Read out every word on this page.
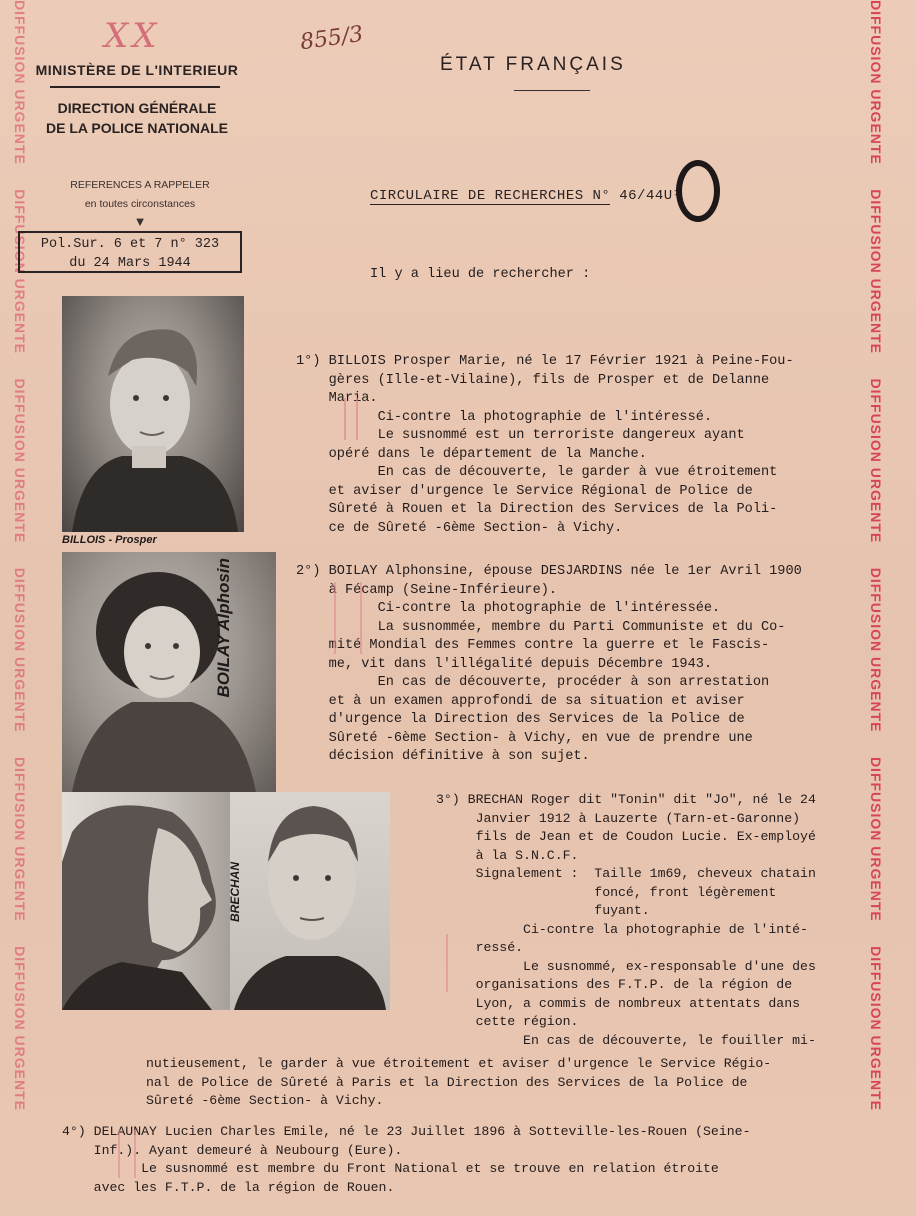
DIFFUSION URGENTE     DIFFUSION URGENTE     DIFFUSION URGENTE     DIFFUSION URGENTE     DIFFUSION URGENTE     DIFFUSION URGENTE
DIFFUSION URGENTE     DIFFUSION URGENTE     DIFFUSION URGENTE     DIFFUSION URGENTE     DIFFUSION URGENTE     DIFFUSION URGENTE
XX	855/3
MINISTÈRE DE L'INTERIEUR
DIRECTION GÉNÉRALE
DE LA POLICE NATIONALE
REFERENCES A RAPPELER
en toutes circonstances
▼
Pol.Sur. 6 et 7 n° 323
du 24 Mars 1944
ÉTAT FRANÇAIS
CIRCULAIRE DE RECHERCHES N° 46/44U¹
Il y a lieu de rechercher :

1°) BILLOIS Prosper Marie, né le 17 Février 1921 à Peine-Fou-
gères (Ille-et-Vilaine), fils de Prosper et de Delanne
Maria.
Ci-contre la photographie de l'intéressé.
Le susnommé est un terroriste dangereux ayant
opéré dans le département de la Manche.
En cas de découverte, le garder à vue étroitement
et aviser d'urgence le Service Régional de Police de
Sûreté à Rouen et la Direction des Services de la Poli-
ce de Sûreté -6ème Section- à Vichy.

2°) BOILAY Alphonsine, épouse DESJARDINS née le 1er Avril 1900
à Fécamp (Seine-Inférieure).
Ci-contre la photographie de l'intéressée.
La susnommée, membre du Parti Communiste et du Co-
mité Mondial des Femmes contre la guerre et le Fascis-
me, vit dans l'illégalité depuis Décembre 1943.
En cas de découverte, procéder à son arrestation
et à un examen approfondi de sa situation et aviser
d'urgence la Direction des Services de la Police de
Sûreté -6ème Section- à Vichy, en vue de prendre une
décision définitive à son sujet.

3°) BRECHAN Roger dit "Tonin" dit "Jo", né le 24
Janvier 1912 à Lauzerte (Tarn-et-Garonne)
fils de Jean et de Coudon Lucie. Ex-employé
à la S.N.C.F.
Signalement :  Taille 1m69, cheveux chatain
foncé, front légèrement
fuyant.
Ci-contre la photographie de l'inté-
ressé.
Le susnommé, ex-responsable d'une des
organisations des F.T.P. de la région de
Lyon, a commis de nombreux attentats dans
cette région.
En cas de découverte, le fouiller mi-

nutieusement, le garder à vue étroitement et aviser d'urgence le Service Régio-
nal de Police de Sûreté à Paris et la Direction des Services de la Police de
Sûreté -6ème Section- à Vichy.

4°) DELAUNAY Lucien Charles Emile, né le 23 Juillet 1896 à Sotteville-les-Rouen (Seine-
Inf.). Ayant demeuré à Neubourg (Eure).
Le susnommé est membre du Front National et se trouve en relation étroite
avec les F.T.P. de la région de Rouen.

BILLOIS - Prosper
BOILAY Alphosin
BRECHAN
